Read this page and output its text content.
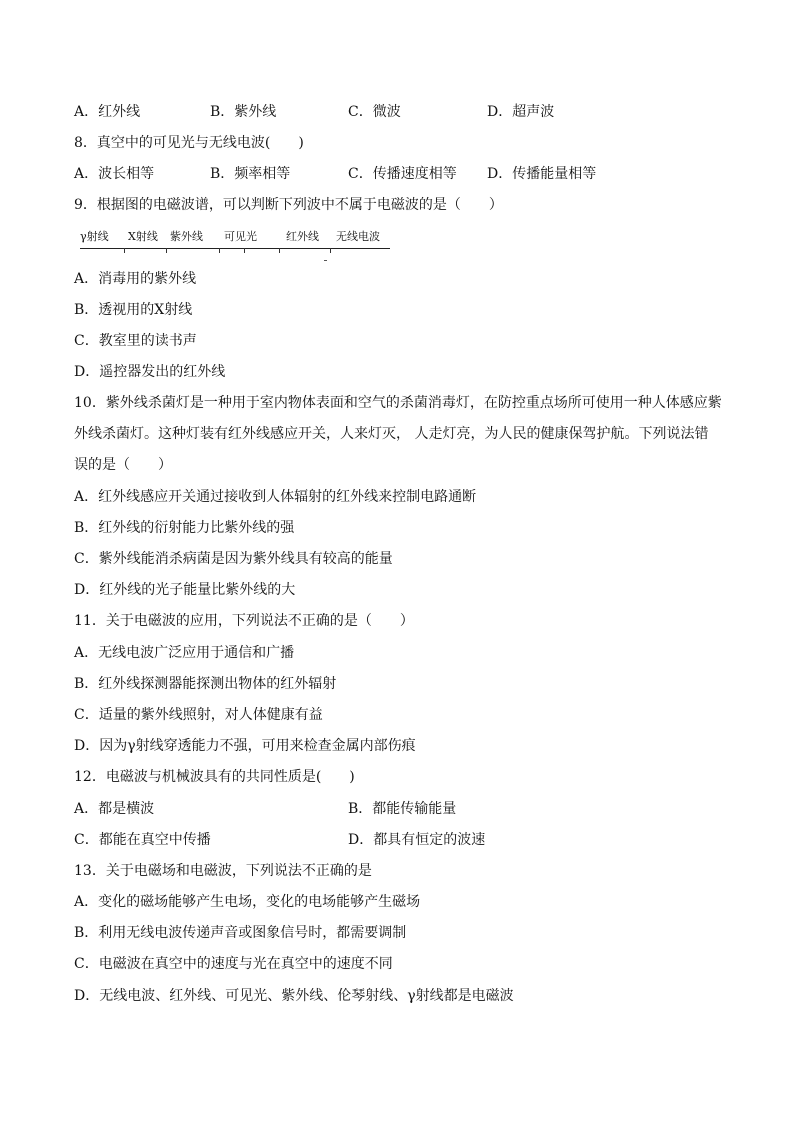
A．红外线	B．紫外线	C．微波	D．超声波
8．真空中的可见光与无线电波(　　)
A．波长相等	B．频率相等	C．传播速度相等 D．传播能量相等
9．根据图的电磁波谱，可以判断下列波中不属于电磁波的是（　　）
γ射线 X射线 紫外线 可见光	红外线 无线电波
A．消毒用的紫外线
B．透视用的X射线
C．教室里的读书声
D．遥控器发出的红外线
10．紫外线杀菌灯是一种用于室内物体表面和空气的杀菌消毒灯，在防控重点场所可使用一种人体感应紫
外线杀菌灯。这种灯装有红外线感应开关，人来灯灭， 人走灯亮，为人民的健康保驾护航。下列说法错
误的是（　　）
A．红外线感应开关通过接收到人体辐射的红外线来控制电路通断
B．红外线的衍射能力比紫外线的强
C．紫外线能消杀病菌是因为紫外线具有较高的能量
D．红外线的光子能量比紫外线的大
11．关于电磁波的应用，下列说法不正确的是（　　）
A．无线电波广泛应用于通信和广播
B．红外线探测器能探测出物体的红外辐射
C．适量的紫外线照射，对人体健康有益
D．因为γ射线穿透能力不强，可用来检查金属内部伤痕
12．电磁波与机械波具有的共同性质是(　　)
A．都是横波	B．都能传输能量
C．都能在真空中传播	D．都具有恒定的波速
13．关于电磁场和电磁波，下列说法不正确的是
A．变化的磁场能够产生电场，变化的电场能够产生磁场
B．利用无线电波传递声音或图象信号时，都需要调制
C．电磁波在真空中的速度与光在真空中的速度不同
D．无线电波、红外线、可见光、紫外线、伦琴射线、γ射线都是电磁波
